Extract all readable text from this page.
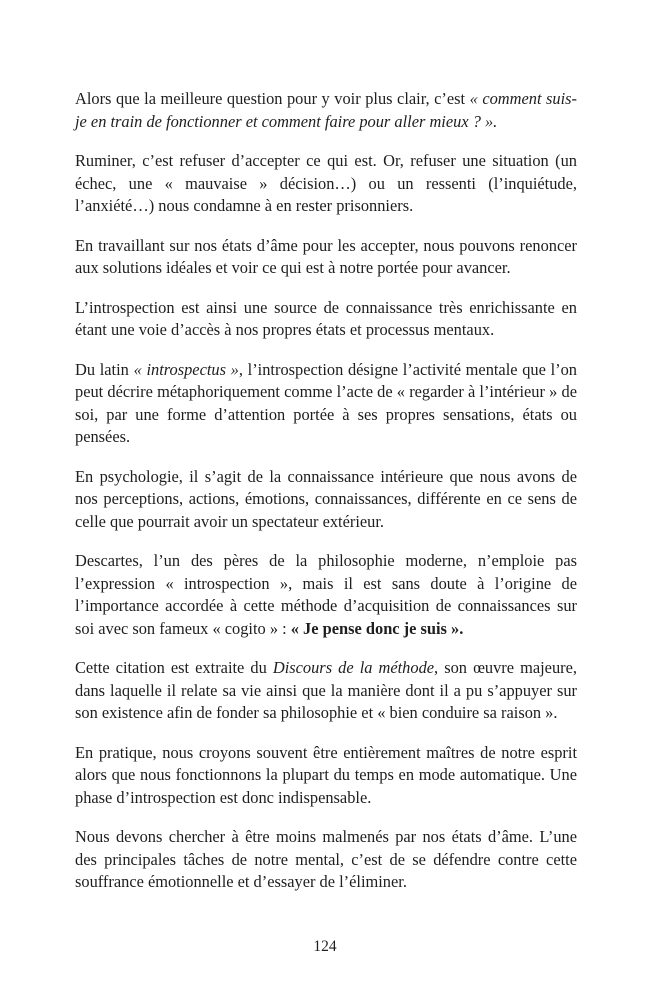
Alors que la meilleure question pour y voir plus clair, c’est « comment suis-je en train de fonctionner et comment faire pour aller mieux ? ».

Ruminer, c’est refuser d’accepter ce qui est. Or, refuser une situation (un échec, une « mauvaise » décision…) ou un ressenti (l’inquiétude, l’anxiété…) nous condamne à en rester prisonniers.

En travaillant sur nos états d’âme pour les accepter, nous pouvons renoncer aux solutions idéales et voir ce qui est à notre portée pour avancer.

L’introspection est ainsi une source de connaissance très enrichissante en étant une voie d’accès à nos propres états et processus mentaux.

Du latin « introspectus », l’introspection désigne l’activité mentale que l’on peut décrire métaphoriquement comme l’acte de « regarder à l’intérieur » de soi, par une forme d’attention portée à ses propres sensations, états ou pensées.

En psychologie, il s’agit de la connaissance intérieure que nous avons de nos perceptions, actions, émotions, connaissances, différente en ce sens de celle que pourrait avoir un spectateur extérieur.

Descartes, l’un des pères de la philosophie moderne, n’emploie pas l’expression « introspection », mais il est sans doute à l’origine de l’importance accordée à cette méthode d’acquisition de connaissances sur soi avec son fameux « cogito » : « Je pense donc je suis ».

Cette citation est extraite du Discours de la méthode, son œuvre majeure, dans laquelle il relate sa vie ainsi que la manière dont il a pu s’appuyer sur son existence afin de fonder sa philosophie et « bien conduire sa raison ».

En pratique, nous croyons souvent être entièrement maîtres de notre esprit alors que nous fonctionnons la plupart du temps en mode automatique. Une phase d’introspection est donc indispensable.

Nous devons chercher à être moins malmenés par nos états d’âme. L’une des principales tâches de notre mental, c’est de se défendre contre cette souffrance émotionnelle et d’essayer de l’éliminer.

124
